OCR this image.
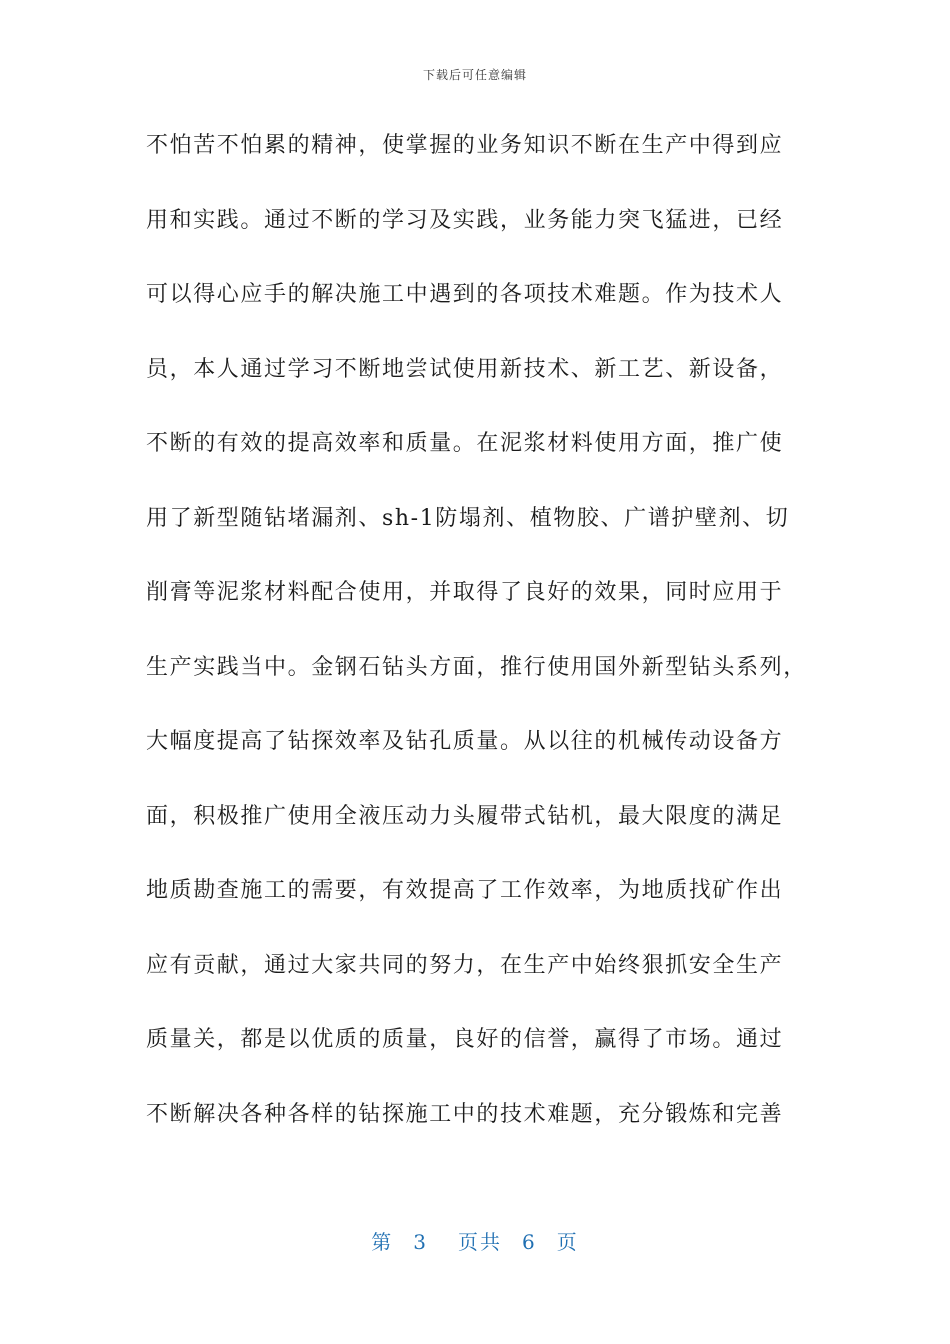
下载后可任意编辑
不怕苦不怕累的精神，使掌握的业务知识不断在生产中得到应
用和实践。通过不断的学习及实践，业务能力突飞猛进，已经
可以得心应手的解决施工中遇到的各项技术难题。作为技术人
员，本人通过学习不断地尝试使用新技术、新工艺、新设备，
不断的有效的提高效率和质量。在泥浆材料使用方面，推广使
用了新型随钻堵漏剂、sh-1防塌剂、植物胶、广谱护壁剂、切
削膏等泥浆材料配合使用，并取得了良好的效果，同时应用于
生产实践当中。金钢石钻头方面，推行使用国外新型钻头系列，
大幅度提高了钻探效率及钻孔质量。从以往的机械传动设备方
面，积极推广使用全液压动力头履带式钻机，最大限度的满足
地质勘查施工的需要，有效提高了工作效率，为地质找矿作出
应有贡献，通过大家共同的努力，在生产中始终狠抓安全生产
质量关，都是以优质的质量，良好的信誉，赢得了市场。通过
不断解决各种各样的钻探施工中的技术难题，充分锻炼和完善
第 3 页共 6 页
